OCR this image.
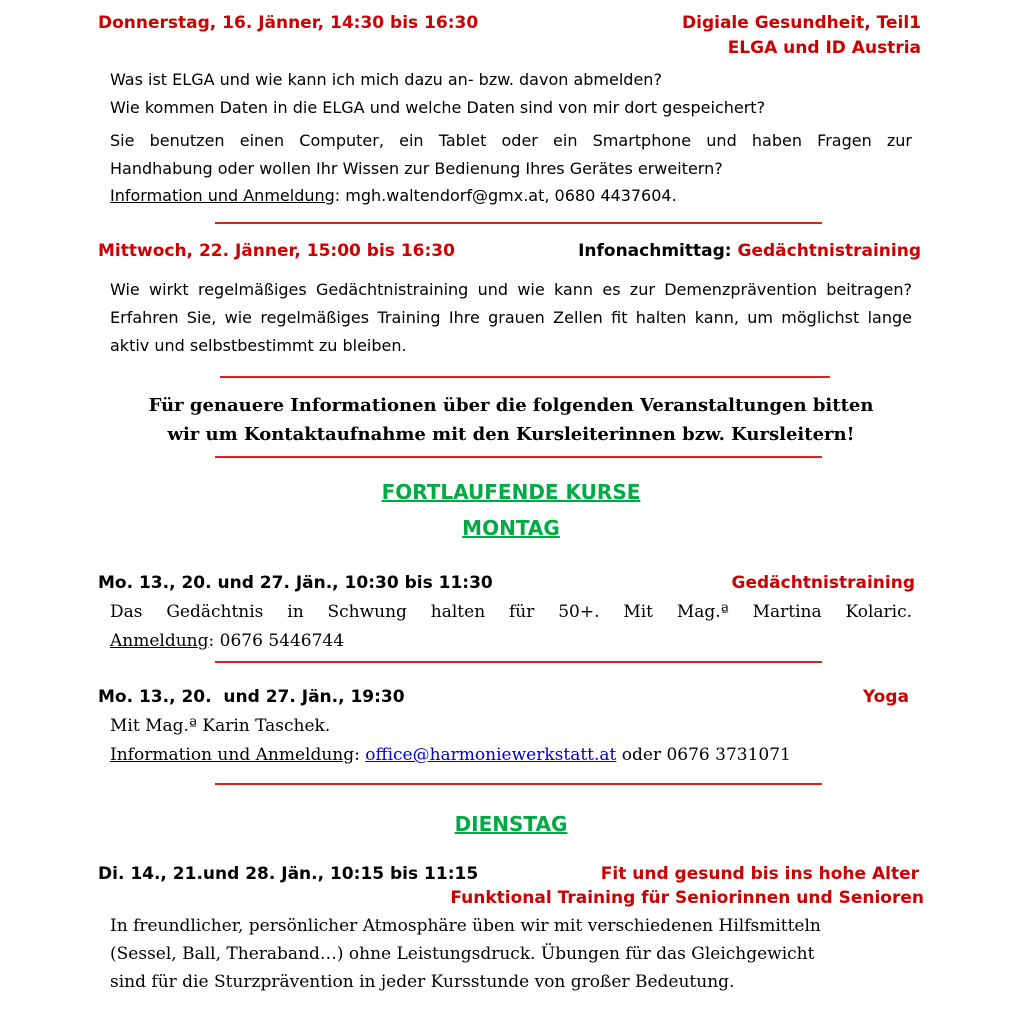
Donnerstag, 16. Jänner, 14:30 bis 16:30	Digiale Gesundheit, Teil1
ELGA und ID Austria
Was ist ELGA und wie kann ich mich dazu an- bzw. davon abmelden?
Wie kommen Daten in die ELGA und welche Daten sind von mir dort gespeichert?
Sie benutzen einen Computer, ein Tablet oder ein Smartphone und haben Fragen zur
Handhabung oder wollen Ihr Wissen zur Bedienung Ihres Gerätes erweitern?
Information und Anmeldung: mgh.waltendorf@gmx.at, 0680 4437604.
Mittwoch, 22. Jänner, 15:00 bis 16:30	Infonachmittag: Gedächtnistraining
Wie wirkt regelmäßiges Gedächtnistraining und wie kann es zur Demenzprävention beitragen?
Erfahren Sie, wie regelmäßiges Training Ihre grauen Zellen fit halten kann, um möglichst lange
aktiv und selbstbestimmt zu bleiben.
Für genauere Informationen über die folgenden Veranstaltungen bitten
wir um Kontaktaufnahme mit den Kursleiterinnen bzw. Kursleitern!
FORTLAUFENDE KURSE
MONTAG
Mo. 13., 20. und 27. Jän., 10:30 bis 11:30	Gedächtnistraining
Das Gedächtnis in Schwung halten für 50+. Mit Mag.ª Martina Kolaric.
Anmeldung: 0676 5446744
Mo. 13., 20.  und 27. Jän., 19:30	Yoga
Mit Mag.ª Karin Taschek.
Information und Anmeldung: office@harmoniewerkstatt.at oder 0676 3731071
DIENSTAG
Di. 14., 21.und 28. Jän., 10:15 bis 11:15	Fit und gesund bis ins hohe Alter
Funktional Training für Seniorinnen und Senioren
In freundlicher, persönlicher Atmosphäre üben wir mit verschiedenen Hilfsmitteln
(Sessel, Ball, Theraband…) ohne Leistungsdruck. Übungen für das Gleichgewicht
sind für die Sturzprävention in jeder Kursstunde von großer Bedeutung.
